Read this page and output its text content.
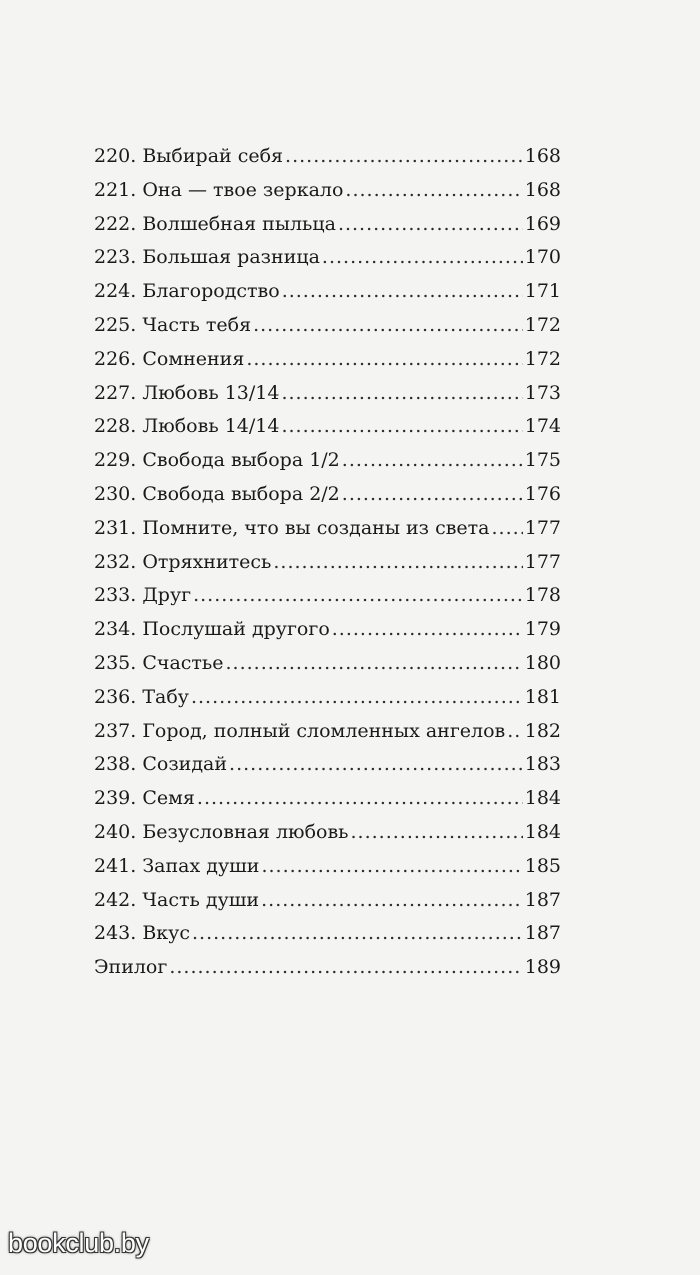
220. Выбирай себя .....	168
221. Она — твое зеркало .....	168
222. Волшебная пыльца .....	169
223. Большая разница .....	170
224. Благородство .....	171
225. Часть тебя .....	172
226. Сомнения .....	172
227. Любовь 13/14 .....	173
228. Любовь 14/14 .....	174
229. Свобода выбора 1/2 .....	175
230. Свобода выбора 2/2 .....	176
231. Помните, что вы созданы из света ..... 177
232. Отряхнитесь .....	177
233. Друг .....	178
234. Послушай другого .....	179
235. Счастье .....	180
236. Табу .....	181
237. Город, полный сломленных ангелов ..... 182
238. Созидай .....	183
239. Семя .....	184
240. Безусловная любовь .....	184
241. Запах души .....	185
242. Часть души .....	187
243. Вкус .....	187
Эпилог .....	189
bookclub.by
